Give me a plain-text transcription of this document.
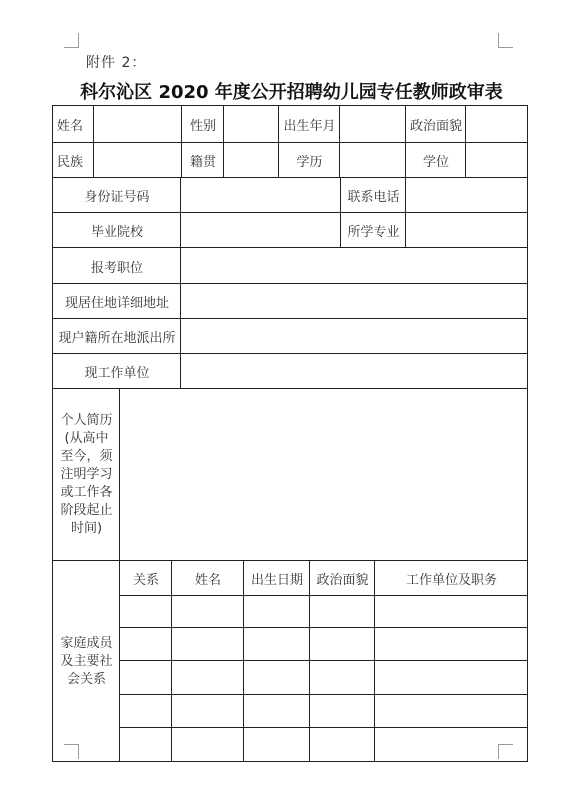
附件 2：
科尔沁区 2020 年度公开招聘幼儿园专任教师政审表
姓名	性别	出生年月	政治面貌
民族	籍贯	学历	学位
身份证号码	联系电话
毕业院校	所学专业
报考职位
现居住地详细地址
现户籍所在地派出所
现工作单位
个人简历(从高中至今，须注明学习或工作各阶段起止时间)
家庭成员及主要社会关系
关系	姓名	出生日期	政治面貌	工作单位及职务
